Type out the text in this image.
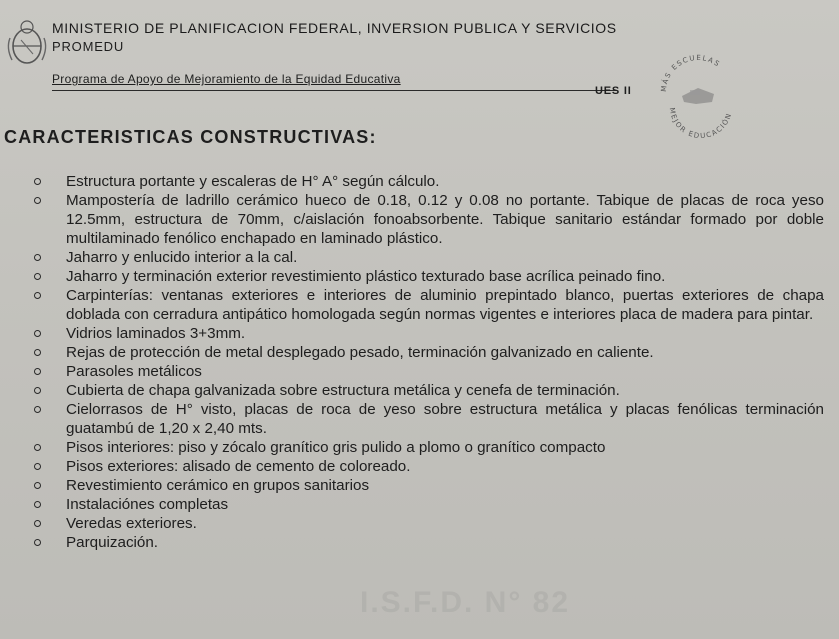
MINISTERIO DE PLANIFICACION FEDERAL, INVERSION PUBLICA Y SERVICIOS
PROMEDU
Programa de Apoyo de Mejoramiento de la Equidad Educativa
UES II	MÁS ESCUELAS
MEJOR EDUCACIÓN
CARACTERISTICAS CONSTRUCTIVAS:
Estructura portante y escaleras de H° A° según cálculo.
Mampostería de ladrillo cerámico hueco de 0.18, 0.12 y 0.08 no portante. Tabique de placas de roca yeso 12.5mm, estructura de 70mm, c/aislación fonoabsorbente. Tabique sanitario estándar formado por doble multilaminado fenólico enchapado en laminado plástico.
Jaharro y enlucido interior a la cal.
Jaharro y terminación exterior revestimiento plástico texturado base acrílica peinado fino.
Carpinterías: ventanas exteriores e interiores de aluminio prepintado blanco, puertas exteriores de chapa doblada con cerradura antipático homologada según normas vigentes e interiores placa de madera para pintar.
Vidrios laminados 3+3mm.
Rejas de protección de metal desplegado pesado, terminación galvanizado en caliente.
Parasoles metálicos
Cubierta de chapa galvanizada sobre estructura metálica y cenefa de terminación.
Cielorrasos de H° visto, placas de roca de yeso sobre estructura metálica y placas fenólicas terminación guatambú de 1,20 x 2,40 mts.
Pisos interiores: piso y zócalo granítico gris pulido a plomo o granítico compacto
Pisos exteriores: alisado de cemento de coloreado.
Revestimiento cerámico en grupos sanitarios
Instalaciónes completas
Veredas exteriores.
Parquización.
I.S.F.D. N° 82
